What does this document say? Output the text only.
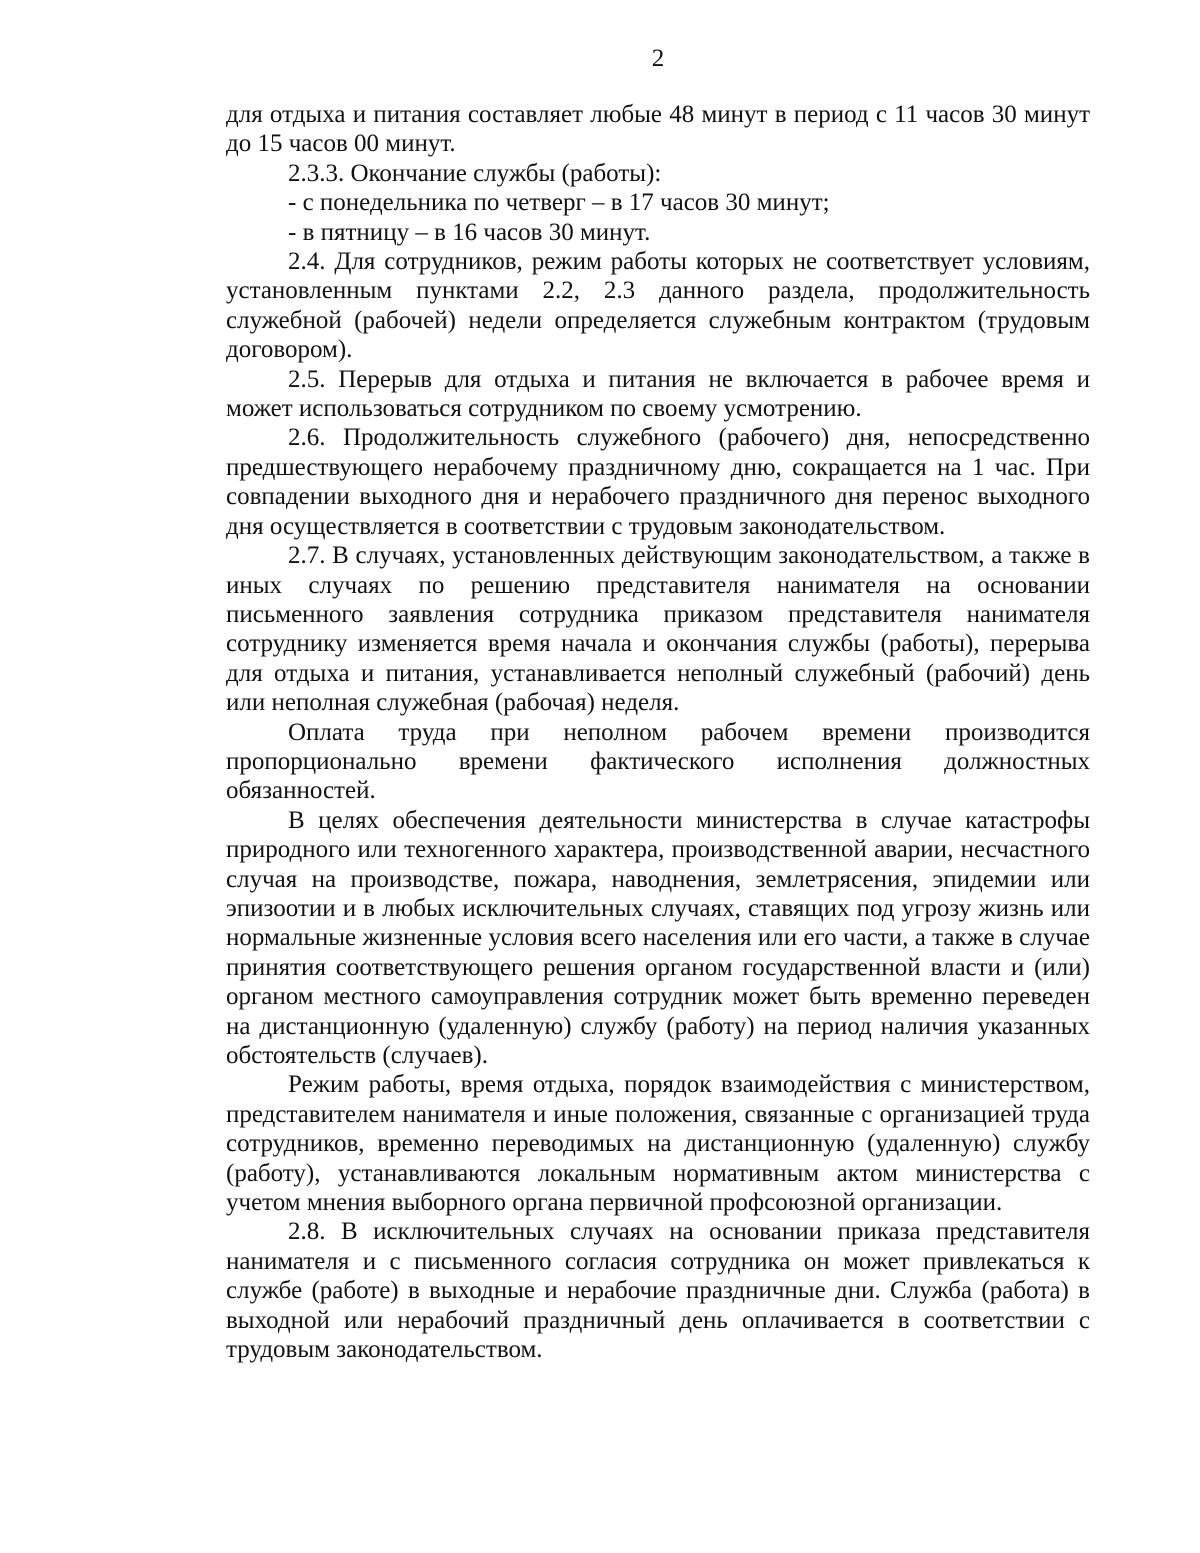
2

для отдыха и питания составляет любые 48 минут в период с 11 часов 30 минут до 15 часов 00 минут.

2.3.3. Окончание службы (работы):

- с понедельника по четверг – в 17 часов 30 минут;

- в пятницу – в 16 часов 30 минут.

2.4. Для сотрудников, режим работы которых не соответствует условиям, установленным пунктами 2.2, 2.3 данного раздела, продолжительность служебной (рабочей) недели определяется служебным контрактом (трудовым договором).

2.5. Перерыв для отдыха и питания не включается в рабочее время и может использоваться сотрудником по своему усмотрению.

2.6. Продолжительность служебного (рабочего) дня, непосредственно предшествующего нерабочему праздничному дню, сокращается на 1 час. При совпадении выходного дня и нерабочего праздничного дня перенос выходного дня осуществляется в соответствии с трудовым законодательством.

2.7. В случаях, установленных действующим законодательством, а также в иных случаях по решению представителя нанимателя на основании письменного заявления сотрудника приказом представителя нанимателя сотруднику изменяется время начала и окончания службы (работы), перерыва для отдыха и питания, устанавливается неполный служебный (рабочий) день или неполная служебная (рабочая) неделя.

Оплата труда при неполном рабочем времени производится пропорционально времени фактического исполнения должностных обязанностей.

В целях обеспечения деятельности министерства в случае катастрофы природного или техногенного характера, производственной аварии, несчастного случая на производстве, пожара, наводнения, землетрясения, эпидемии или эпизоотии и в любых исключительных случаях, ставящих под угрозу жизнь или нормальные жизненные условия всего населения или его части, а также в случае принятия соответствующего решения органом государственной власти и (или) органом местного самоуправления сотрудник может быть временно переведен на дистанционную (удаленную) службу (работу) на период наличия указанных обстоятельств (случаев).

Режим работы, время отдыха, порядок взаимодействия с министерством, представителем нанимателя и иные положения, связанные с организацией труда сотрудников, временно переводимых на дистанционную (удаленную) службу (работу), устанавливаются локальным нормативным актом министерства с учетом мнения выборного органа первичной профсоюзной организации.

2.8. В исключительных случаях на основании приказа представителя нанимателя и с письменного согласия сотрудника он может привлекаться к службе (работе) в выходные и нерабочие праздничные дни. Служба (работа) в выходной или нерабочий праздничный день оплачивается в соответствии с трудовым законодательством.
